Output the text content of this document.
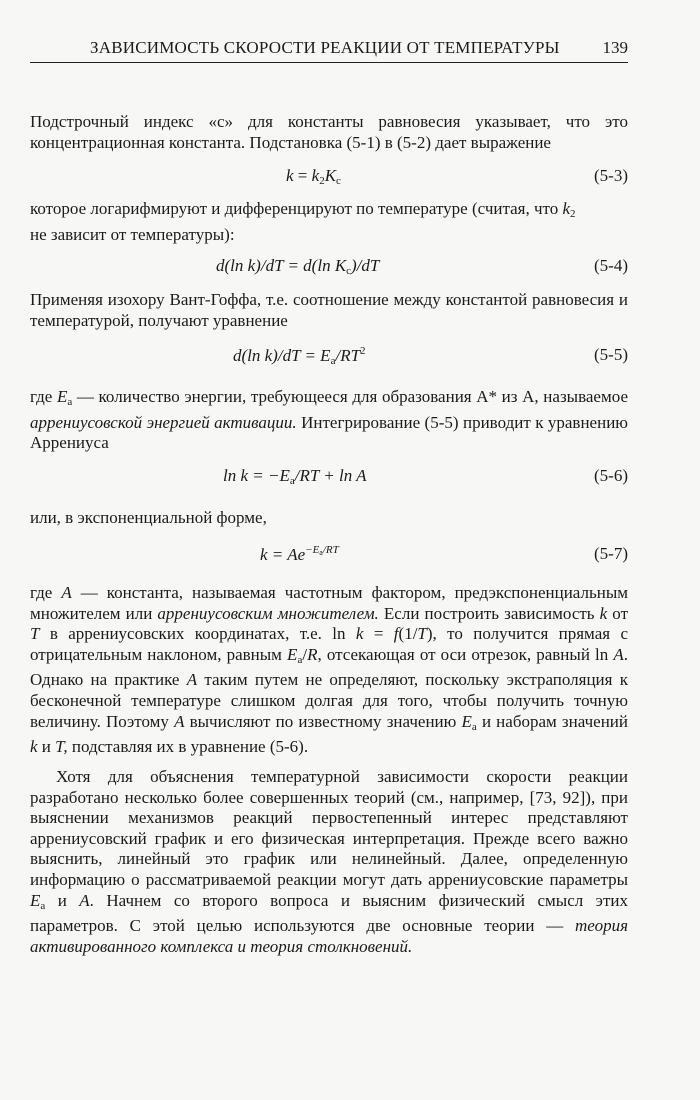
ЗАВИСИМОСТЬ СКОРОСТИ РЕАКЦИИ ОТ ТЕМПЕРАТУРЫ	139
Подстрочный индекс «с» для константы равновесия указывает, что это концентрационная константа. Подстановка (5-1) в (5-2) дает выражение
$k = k_2K_c$	(5-3)
которое логарифмируют и дифференцируют по температуре (считая, что $k_2$
не зависит от температуры):
d(ln k)/dT = d(ln $K_c)/dT$	(5-4)
Применяя изохору Вант-Гоффа, т.е. соотношение между константой равновесия и температурой, получают уравнение
d(ln $k)/dT = E_a/RT^2$	(5-5)
где $E_a$ — количество энергии, требующееся для образования A* из A, называемое аррениусовской энергией активации. Интегрирование (5-5) приводит к уравнению Аррениуса
$\ln k = -E_a/RT + \ln A$	(5-6)
или, в экспоненциальной форме,
$k = Ae^{-Ea/RT}$	(5-7)
где A — константа, называемая частотным фактором, предэкспоненциальным множителем или аррениусовским множителем. Если построить зависимость k от T в аррениусовских координатах, т.е. ln k = f(1/T), то получится прямая с отрицательным наклоном, равным $E_a/R$, отсекающая от оси отрезок, равный ln A. Однако на практике A таким путем не определяют, поскольку экстраполяция к бесконечной температуре слишком долгая для того, чтобы получить точную величину. Поэтому A вычисляют по известному значению $E_a$ и наборам значений k и T, подставляя их в уравнение (5-6).
Хотя для объяснения температурной зависимости скорости реакции разработано несколько более совершенных теорий (см., например, [73, 92]), при выяснении механизмов реакций первостепенный интерес представляют аррениусовский график и его физическая интерпретация. Прежде всего важно выяснить, линейный это график или нелинейный. Далее, определенную информацию о рассматриваемой реакции могут дать аррениусовские параметры $E_a$ и A. Начнем со второго вопроса и выясним физический смысл этих параметров. С этой целью используются две основные теории — теория активированного комплекса и теория столкновений.
